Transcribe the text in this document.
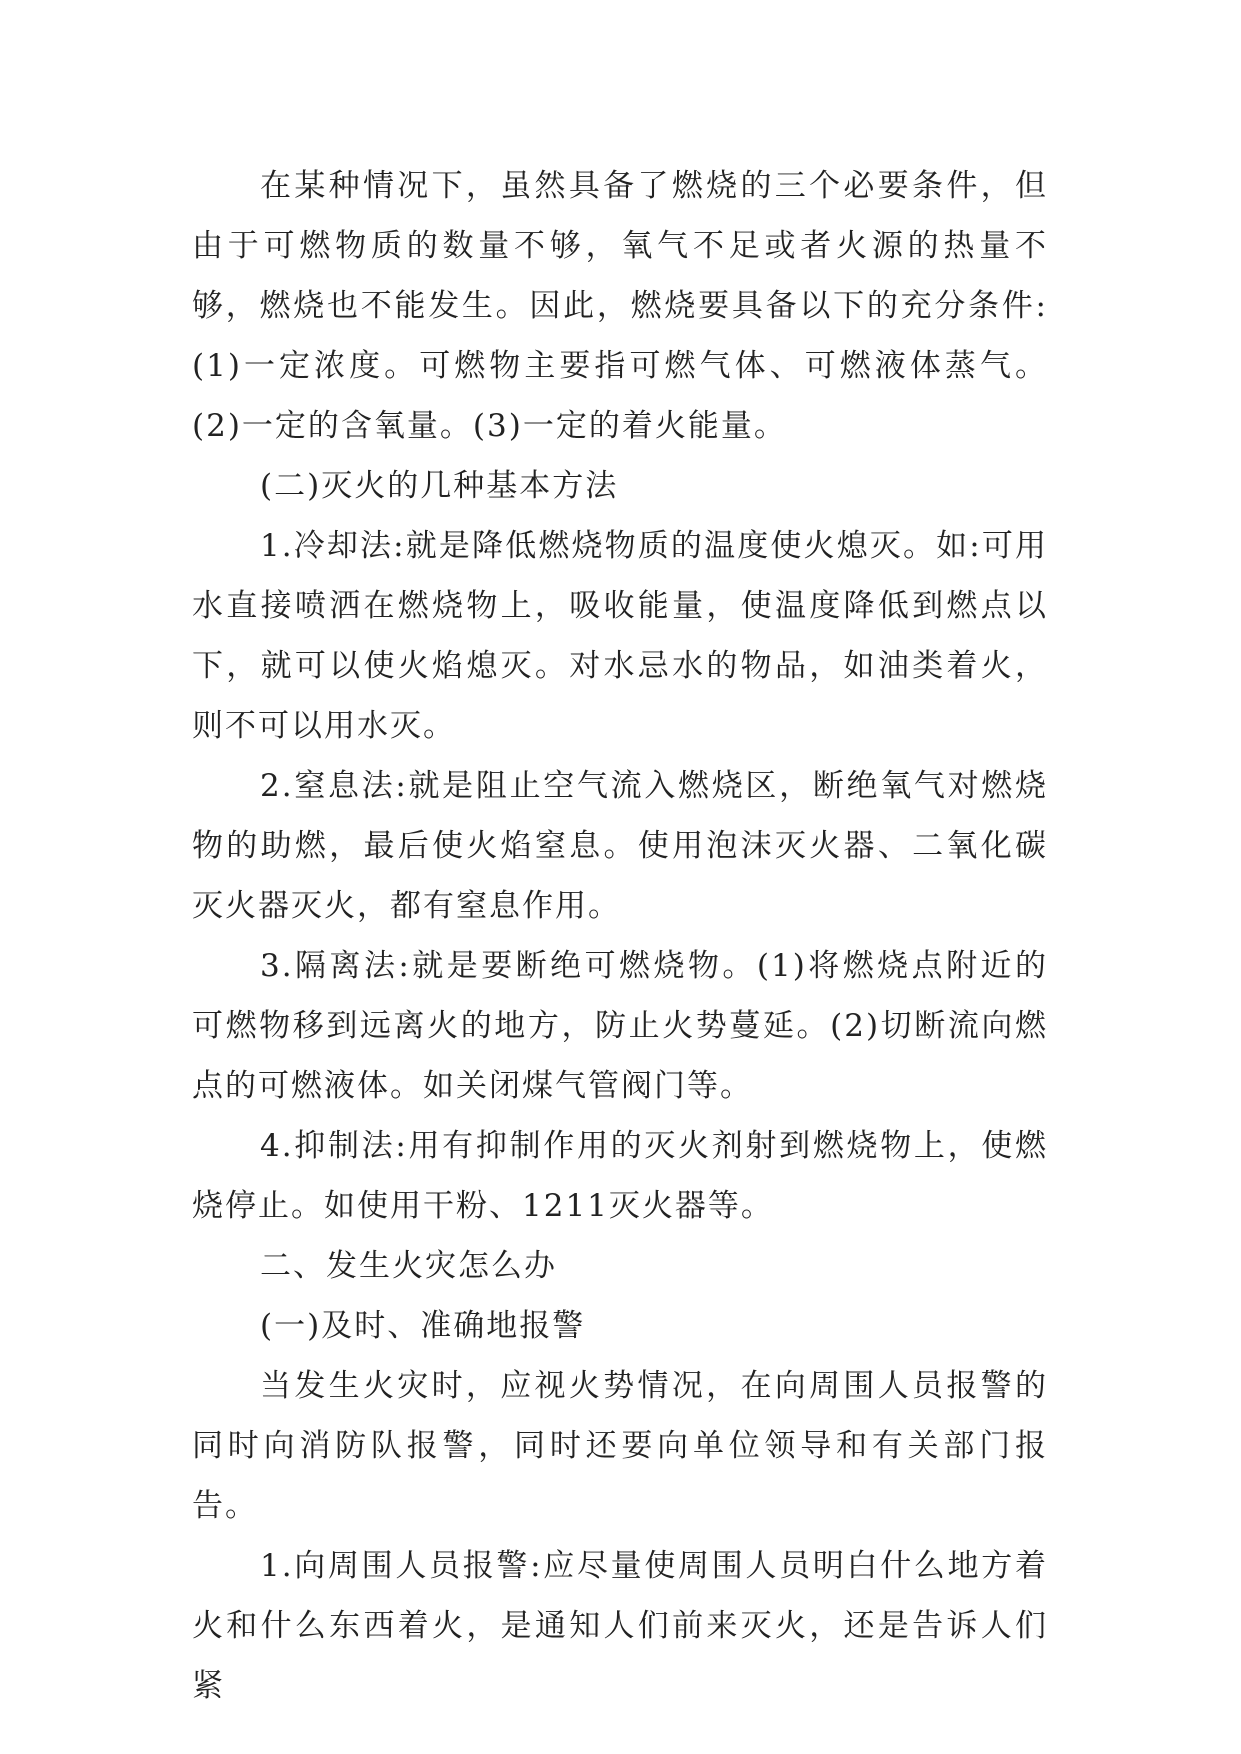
在某种情况下，虽然具备了燃烧的三个必要条件，但由于可燃物质的数量不够，氧气不足或者火源的热量不够，燃烧也不能发生。因此，燃烧要具备以下的充分条件:(1)一定浓度。可燃物主要指可燃气体、可燃液体蒸气。(2)一定的含氧量。(3)一定的着火能量。

(二)灭火的几种基本方法

1.冷却法:就是降低燃烧物质的温度使火熄灭。如:可用水直接喷洒在燃烧物上，吸收能量，使温度降低到燃点以下，就可以使火焰熄灭。对水忌水的物品，如油类着火，则不可以用水灭。

2.窒息法:就是阻止空气流入燃烧区，断绝氧气对燃烧物的助燃，最后使火焰窒息。使用泡沫灭火器、二氧化碳灭火器灭火，都有窒息作用。

3.隔离法:就是要断绝可燃烧物。(1)将燃烧点附近的可燃物移到远离火的地方，防止火势蔓延。(2)切断流向燃点的可燃液体。如关闭煤气管阀门等。

4.抑制法:用有抑制作用的灭火剂射到燃烧物上，使燃烧停止。如使用干粉、1211灭火器等。

二、发生火灾怎么办

(一)及时、准确地报警

当发生火灾时，应视火势情况，在向周围人员报警的同时向消防队报警，同时还要向单位领导和有关部门报告。

1.向周围人员报警:应尽量使周围人员明白什么地方着火和什么东西着火，是通知人们前来灭火，还是告诉人们紧
